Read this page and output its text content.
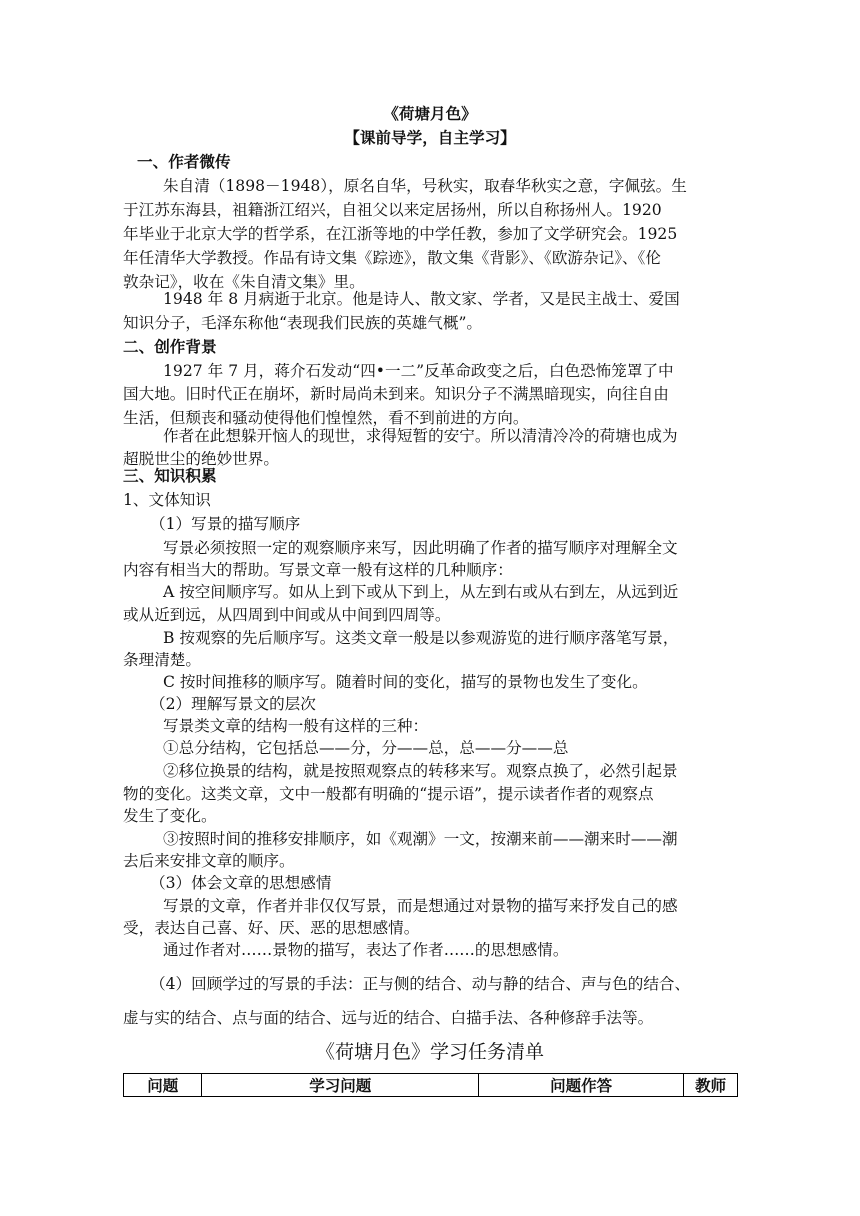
《荷塘月色》
【课前导学，自主学习】
一、作者微传
朱自清（1898－1948），原名自华，号秋实，取春华秋实之意，字佩弦。生
于江苏东海县，祖籍浙江绍兴，自祖父以来定居扬州，所以自称扬州人。1920
年毕业于北京大学的哲学系，在江浙等地的中学任教，参加了文学研究会。1925
年任清华大学教授。作品有诗文集《踪迹》，散文集《背影》、《欧游杂记》、《伦
敦杂记》，收在《朱自清文集》里。
1948 年 8 月病逝于北京。他是诗人、散文家、学者，又是民主战士、爱国
知识分子，毛泽东称他“表现我们民族的英雄气概”。
二、创作背景
1927 年 7 月，蒋介石发动“四•一二”反革命政变之后，白色恐怖笼罩了中
国大地。旧时代正在崩坏，新时局尚未到来。知识分子不满黑暗现实，向往自由
生活，但颓丧和骚动使得他们惶惶然，看不到前进的方向。
作者在此想躲开恼人的现世，求得短暂的安宁。所以清清冷冷的荷塘也成为
超脱世尘的绝妙世界。
三、知识积累
1、文体知识
（1）写景的描写顺序
写景必须按照一定的观察顺序来写，因此明确了作者的描写顺序对理解全文
内容有相当大的帮助。写景文章一般有这样的几种顺序：
A 按空间顺序写。如从上到下或从下到上，从左到右或从右到左，从远到近
或从近到远，从四周到中间或从中间到四周等。
B 按观察的先后顺序写。这类文章一般是以参观游览的进行顺序落笔写景，
条理清楚。
C 按时间推移的顺序写。随着时间的变化，描写的景物也发生了变化。
（2）理解写景文的层次
写景类文章的结构一般有这样的三种：
①总分结构，它包括总——分，分——总，总——分——总
②移位换景的结构，就是按照观察点的转移来写。观察点换了，必然引起景
物的变化。这类文章，文中一般都有明确的“提示语”，提示读者作者的观察点
发生了变化。
③按照时间的推移安排顺序，如《观潮》一文，按潮来前——潮来时——潮
去后来安排文章的顺序。
（3）体会文章的思想感情
写景的文章，作者并非仅仅写景，而是想通过对景物的描写来抒发自己的感
受，表达自己喜、好、厌、恶的思想感情。
通过作者对……景物的描写，表达了作者……的思想感情。
（4）回顾学过的写景的手法：正与侧的结合、动与静的结合、声与色的结合、
虚与实的结合、点与面的结合、远与近的结合、白描手法、各种修辞手法等。
《荷塘月色》学习任务清单
问题	学习问题	问题作答	教师
